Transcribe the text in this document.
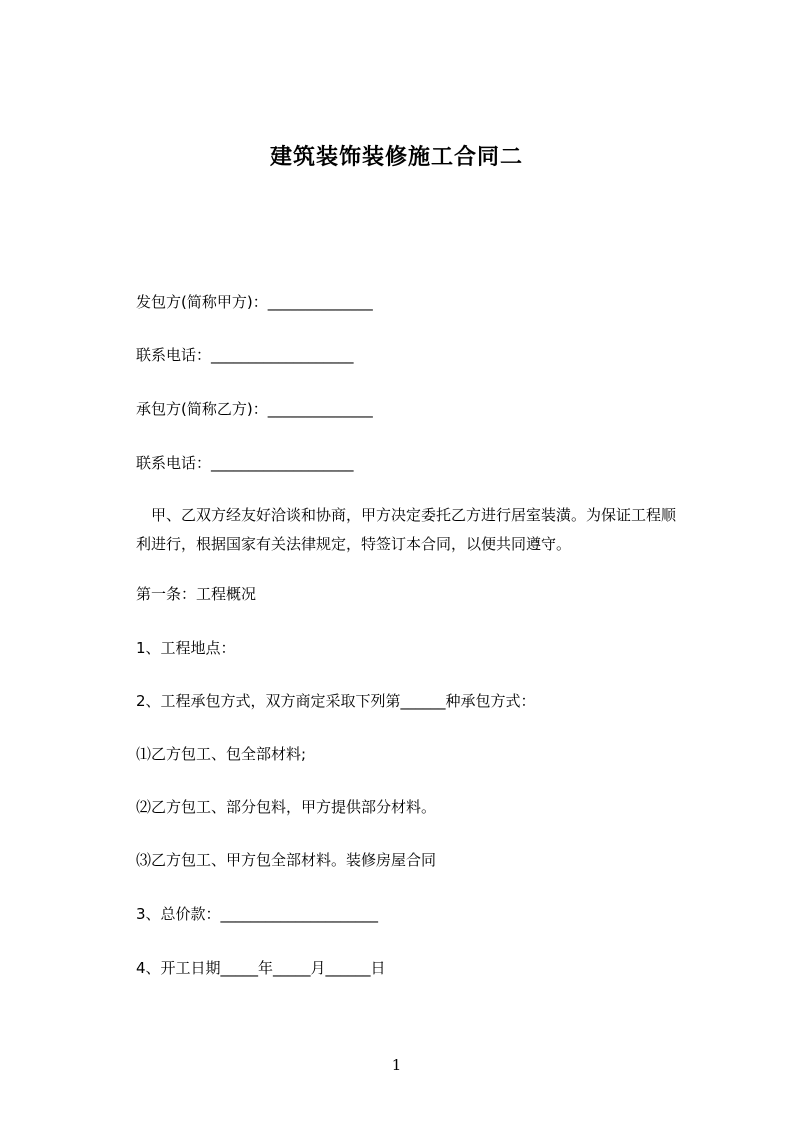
建筑装饰装修施工合同二
发包方(简称甲方)：______________
联系电话：___________________
承包方(简称乙方)：______________
联系电话：___________________
　甲、乙双方经友好洽谈和协商，甲方决定委托乙方进行居室装潢。为保证工程顺
利进行，根据国家有关法律规定，特签订本合同，以便共同遵守。
第一条：工程概况
1、工程地点：
2、工程承包方式，双方商定采取下列第______种承包方式：
⑴乙方包工、包全部材料;
⑵乙方包工、部分包料，甲方提供部分材料。
⑶乙方包工、甲方包全部材料。装修房屋合同
3、总价款：_____________________
4、开工日期_____年_____月______日
1
